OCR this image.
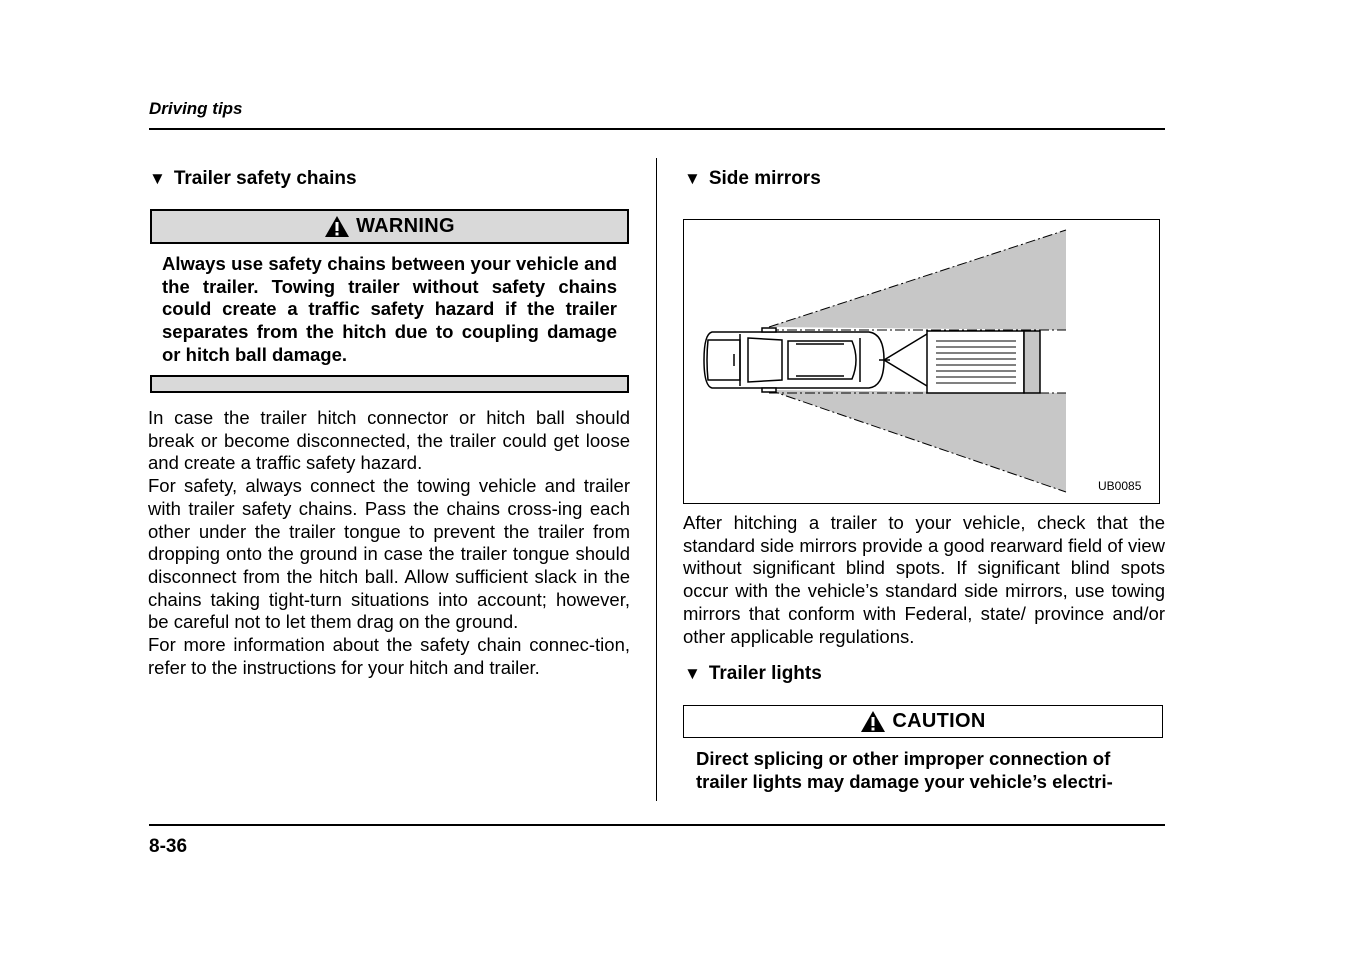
Driving tips
▼ Trailer safety chains
WARNING
Always use safety chains between your vehicle and the trailer. Towing trailer without safety chains could create a traffic safety hazard if the trailer separates from the hitch due to coupling damage or hitch ball damage.

In case the trailer hitch connector or hitch ball should break or become disconnected, the trailer could get loose and create a traffic safety hazard.

For safety, always connect the towing vehicle and trailer with trailer safety chains. Pass the chains cross-ing each other under the trailer tongue to prevent the trailer from dropping onto the ground in case the trailer tongue should disconnect from the hitch ball. Allow sufficient slack in the chains taking tight-turn situations into account; however, be careful not to let them drag on the ground.

For more information about the safety chain connec-tion, refer to the instructions for your hitch and trailer.

▼ Side mirrors
UB0085
After hitching a trailer to your vehicle, check that the standard side mirrors provide a good rearward field of view without significant blind spots. If significant blind spots occur with the vehicle’s standard side mirrors, use towing mirrors that conform with Federal, state/ province and/or other applicable regulations.
▼ Trailer lights
CAUTION
Direct splicing or other improper connection of trailer lights may damage your vehicle’s electri-
8-36
